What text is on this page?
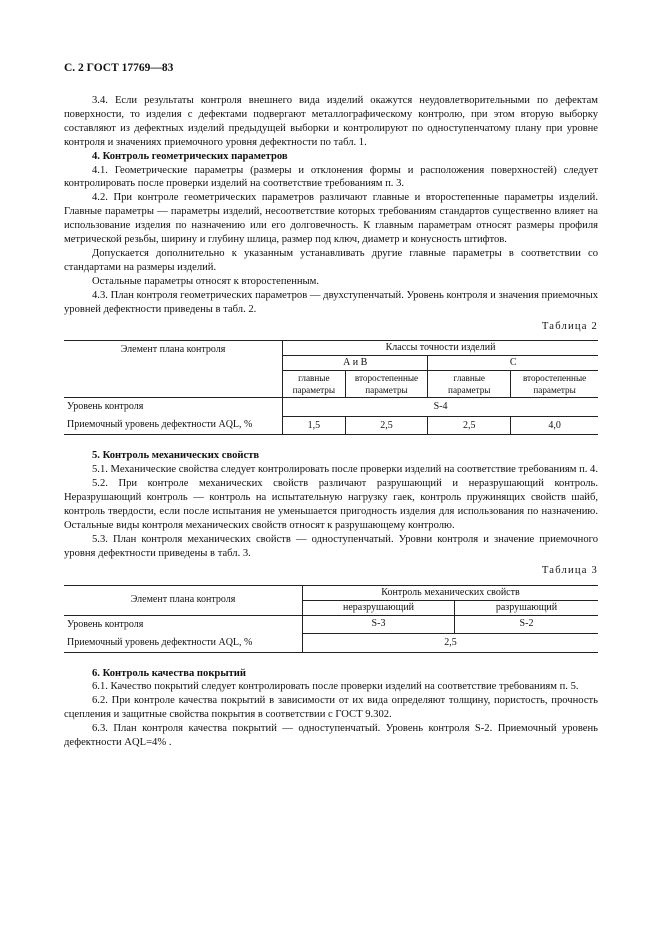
С. 2 ГОСТ 17769—83

3.4. Если результаты контроля внешнего вида изделий окажутся неудовлетворительными по дефектам поверхности, то изделия с дефектами подвергают металлографическому контролю, при этом вторую выборку составляют из дефектных изделий предыдущей выборки и контролируют по одноступенчатому плану при уровне контроля и значениях приемочного уровня дефектности по табл. 1.

4. Контроль геометрических параметров

4.1. Геометрические параметры (размеры и отклонения формы и расположения поверхностей) следует контролировать после проверки изделий на соответствие требованиям п. 3.

4.2. При контроле геометрических параметров различают главные и второстепенные параметры изделий. Главные параметры — параметры изделий, несоответствие которых требованиям стандартов существенно влияет на использование изделия по назначению или его долговечность. К главным параметрам относят размеры профиля метрической резьбы, ширину и глубину шлица, размер под ключ, диаметр и конусность штифтов.

Допускается дополнительно к указанным устанавливать другие главные параметры в соответствии со стандартами на размеры изделий.

Остальные параметры относят к второстепенным.

4.3. План контроля геометрических параметров — двухступенчатый. Уровень контроля и значения приемочных уровней дефектности приведены в табл. 2.

Таблица 2
Элемент плана контроля	Классы точности изделий			
	А и В		С	
	главные параметры	второстепенные параметры	главные параметры	второстепенные параметры
Уровень контроля	S-4			
Приемочный уровень дефектности AQL, %	1,5	2,5	2,5	4,0
5. Контроль механических свойств

5.1. Механические свойства следует контролировать после проверки изделий на соответствие требованиям п. 4.

5.2. При контроле механических свойств различают разрушающий и неразрушающий контроль. Неразрушающий контроль — контроль на испытательную нагрузку гаек, контроль пружинящих свойств шайб, контроль твердости, если после испытания не уменьшается пригодность изделия для использования по назначению. Остальные виды контроля механических свойств относят к разрушающему контролю.

5.3. План контроля механических свойств — одноступенчатый. Уровни контроля и значение приемочного уровня дефектности приведены в табл. 3.

Таблица 3
Элемент плана контроля	Контроль механических свойств	
	неразрушающий	разрушающий
Уровень контроля	S-3	S-2
Приемочный уровень дефектности AQL, %	2,5	
6. Контроль качества покрытий

6.1. Качество покрытий следует контролировать после проверки изделий на соответствие требованиям п. 5.

6.2. При контроле качества покрытий в зависимости от их вида определяют толщину, пористость, прочность сцепления и защитные свойства покрытия в соответствии с ГОСТ 9.302.

6.3. План контроля качества покрытий — одноступенчатый. Уровень контроля S-2. Приемочный уровень дефектности AQL=4% .
